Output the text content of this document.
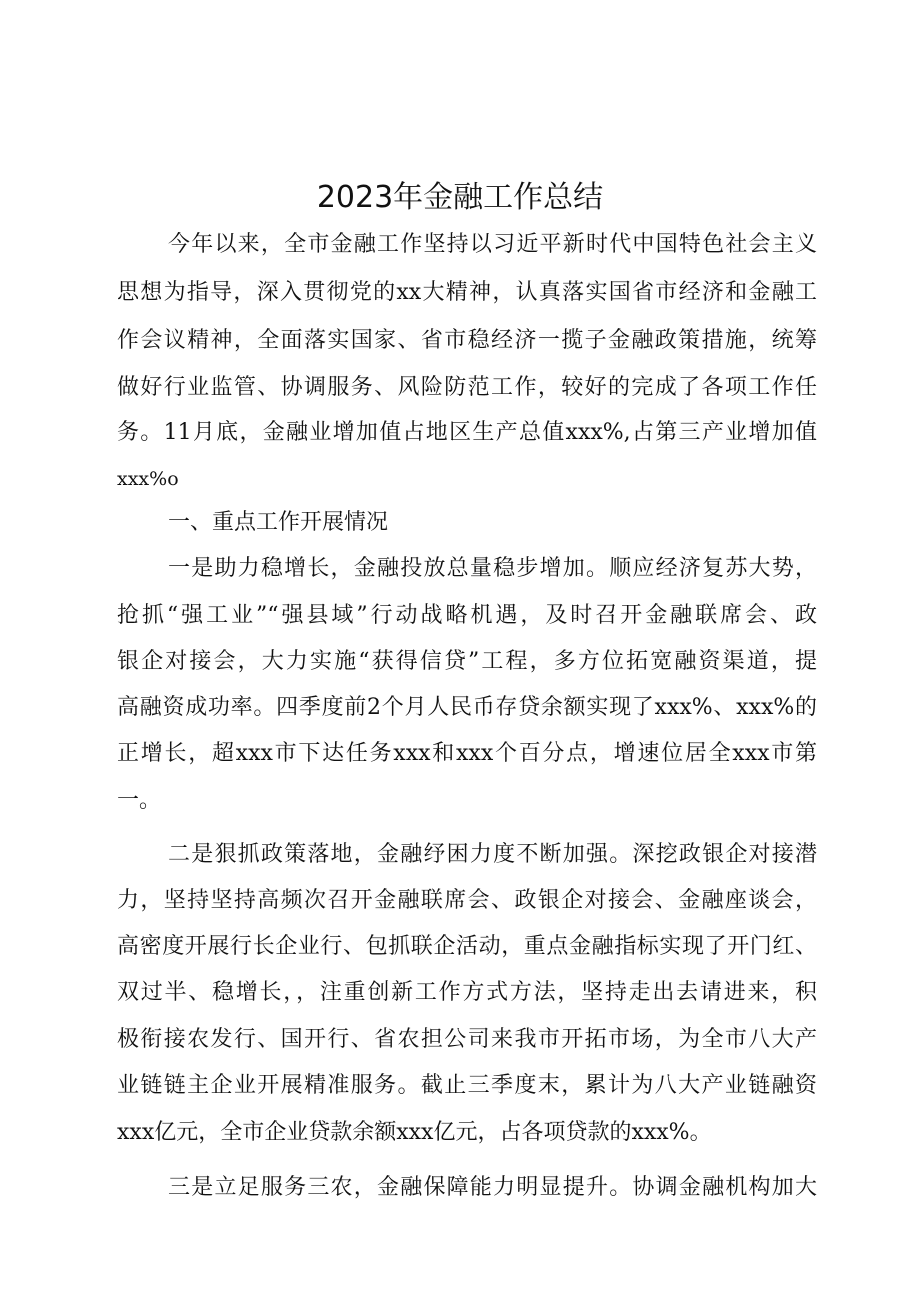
2023年金融工作总结
今年以来，全市金融工作坚持以习近平新时代中国特色社会主义
思想为指导，深入贯彻党的xx大精神，认真落实国省市经济和金融工
作会议精神，全面落实国家、省市稳经济一揽子金融政策措施，统筹
做好行业监管、协调服务、风险防范工作，较好的完成了各项工作任
务。11月底，金融业增加值占地区生产总值xxx%,占第三产业增加值
xxx%o
一、重点工作开展情况
一是助力稳增长，金融投放总量稳步增加。顺应经济复苏大势，
抢抓“强工业”“强县域”行动战略机遇，及时召开金融联席会、政
银企对接会，大力实施“获得信贷”工程，多方位拓宽融资渠道，提
高融资成功率。四季度前2个月人民币存贷余额实现了xxx%、xxx%的
正增长，超xxx市下达任务xxx和xxx个百分点，增速位居全xxx市第
一。
二是狠抓政策落地，金融纾困力度不断加强。深挖政银企对接潜
力，坚持坚持高频次召开金融联席会、政银企对接会、金融座谈会，
高密度开展行长企业行、包抓联企活动，重点金融指标实现了开门红、
双过半、稳增长，，注重创新工作方式方法，坚持走出去请进来，积
极衔接农发行、国开行、省农担公司来我市开拓市场，为全市八大产
业链链主企业开展精准服务。截止三季度末，累计为八大产业链融资
xxx亿元，全市企业贷款余额xxx亿元，占各项贷款的xxx%。
三是立足服务三农，金融保障能力明显提升。协调金融机构加大
